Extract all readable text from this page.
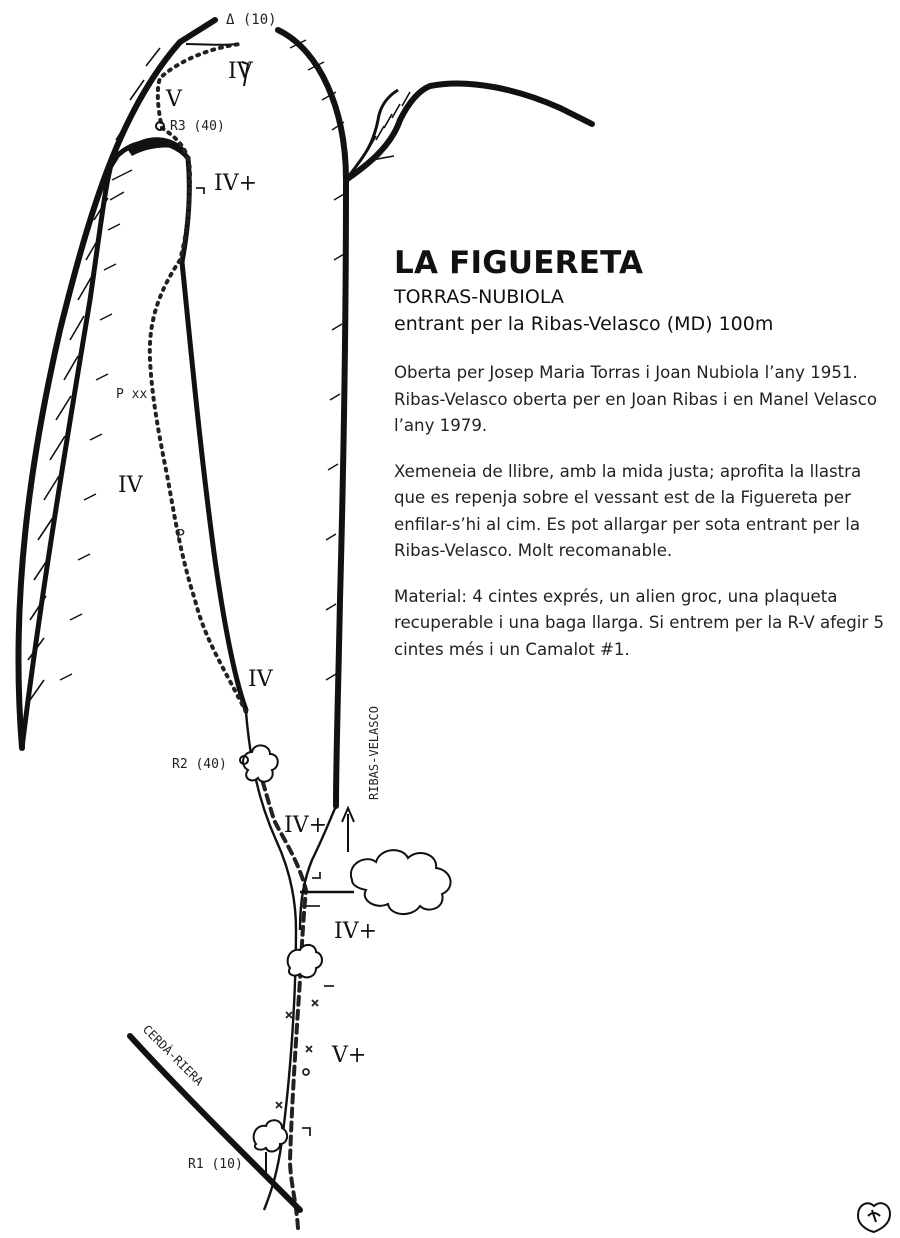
Δ (10)
R3 (40)
R2 (40)
R1 (10)
IV
V
IV+
IV
IV
IV+
IV+
V+
P xx
P
RIBAS-VELASCO
CERDÀ-RIERA
LA FIGUERETA

TORRAS-NUBIOLA

entrant per la Ribas-Velasco (MD) 100m

Oberta per Josep Maria Torras i Joan Nubiola l’any 1951. Ribas-Velasco oberta per en Joan Ribas i en Manel Velasco l’any 1979.

Xemeneia de llibre, amb la mida justa; aprofita la llastra que es repenja sobre el vessant est de la Figuereta per enfilar-s’hi al cim. Es pot allargar per sota entrant per la Ribas-Velasco. Molt recomanable.

Material: 4 cintes exprés, un alien groc, una plaqueta recuperable i una baga llarga. Si entrem per la R-V afegir 5 cintes més i un Camalot #1.
